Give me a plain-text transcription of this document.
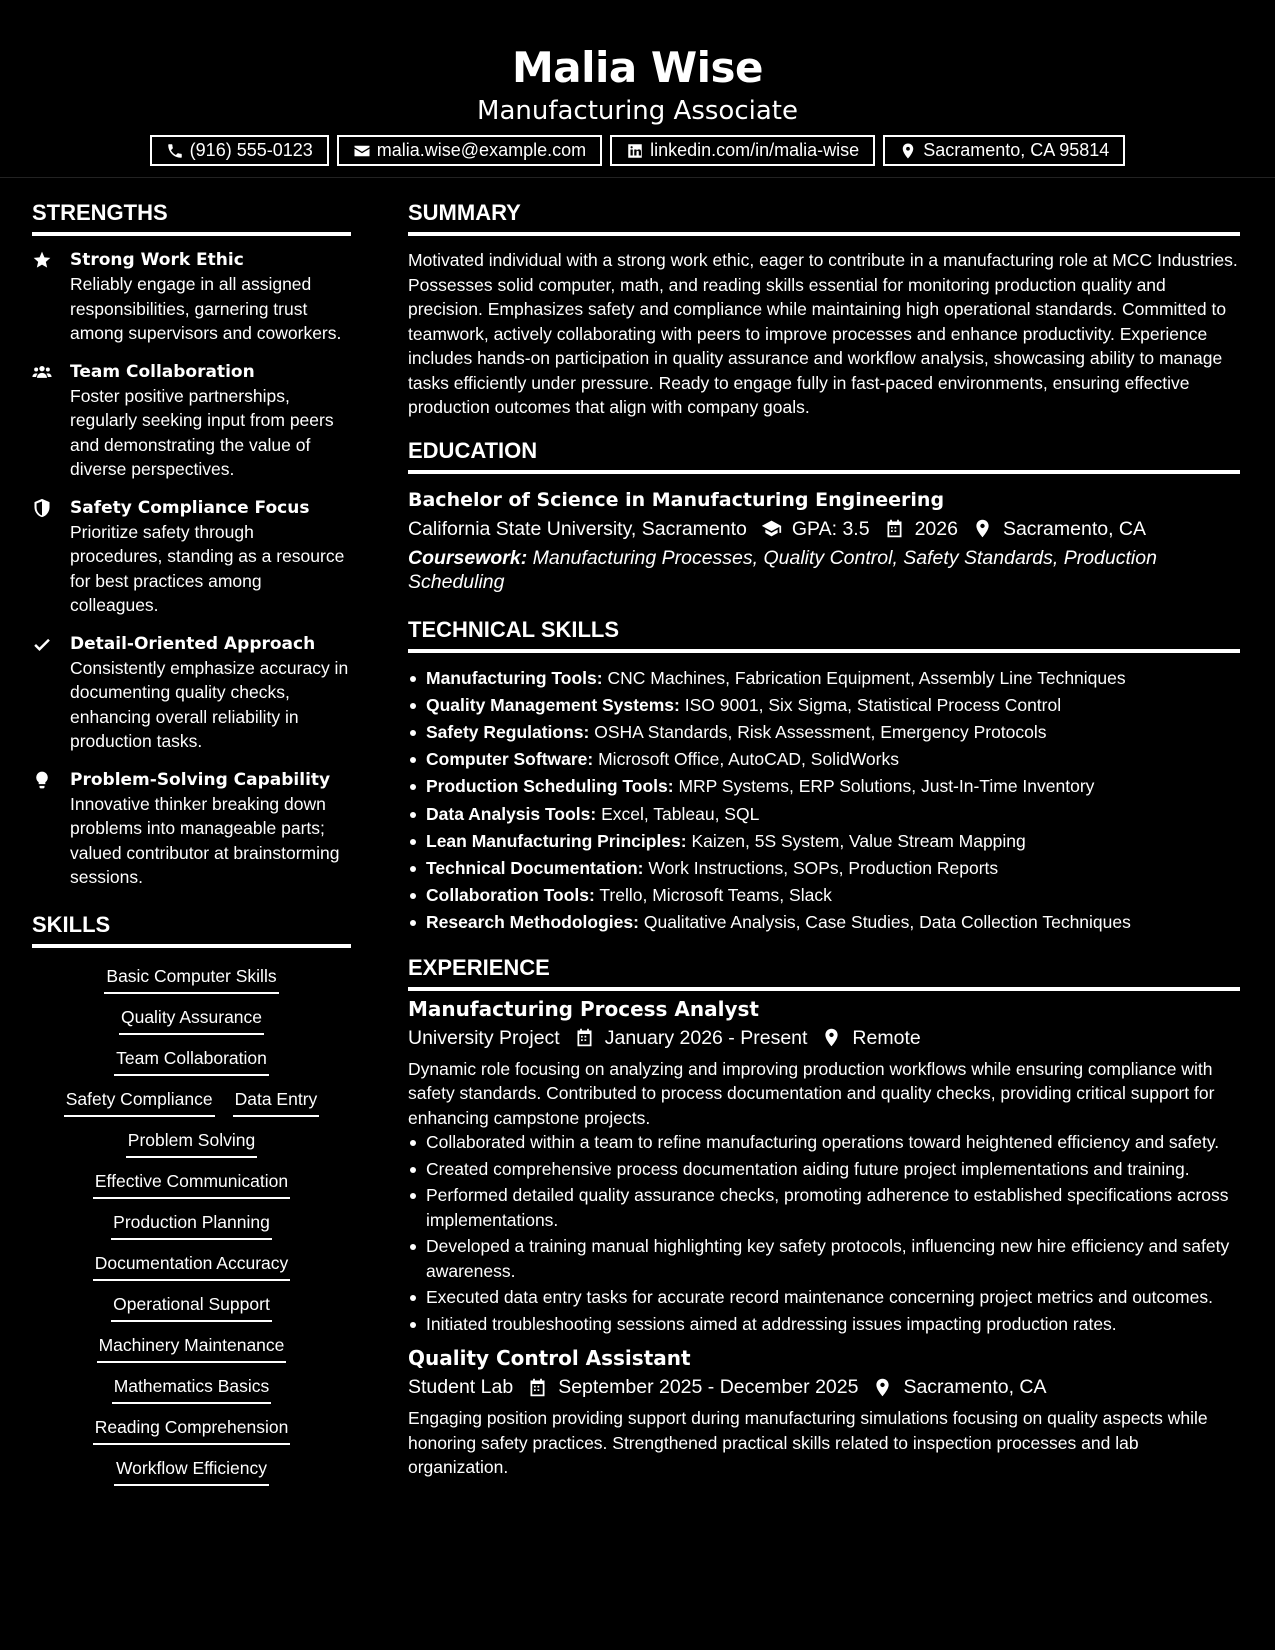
Malia Wise
Manufacturing Associate
(916) 555-0123	malia.wise@example.com	linkedin.com/in/malia-wise	Sacramento, CA 95814
STRENGTHS
Strong Work Ethic
Reliably engage in all assigned responsibilities, garnering trust among supervisors and coworkers.
Team Collaboration
Foster positive partnerships, regularly seeking input from peers and demonstrating the value of diverse perspectives.
Safety Compliance Focus
Prioritize safety through procedures, standing as a resource for best practices among colleagues.
Detail-Oriented Approach
Consistently emphasize accuracy in documenting quality checks, enhancing overall reliability in production tasks.
Problem-Solving Capability
Innovative thinker breaking down problems into manageable parts; valued contributor at brainstorming sessions.
SKILLS
Basic Computer Skills
Quality Assurance
Team Collaboration
Safety Compliance Data Entry
Problem Solving
Effective Communication
Production Planning
Documentation Accuracy
Operational Support
Machinery Maintenance
Mathematics Basics
Reading Comprehension
Workflow Efficiency
SUMMARY
Motivated individual with a strong work ethic, eager to contribute in a manufacturing role at MCC Industries. Possesses solid computer, math, and reading skills essential for monitoring production quality and precision. Emphasizes safety and compliance while maintaining high operational standards. Committed to teamwork, actively collaborating with peers to improve processes and enhance productivity. Experience includes hands-on participation in quality assurance and workflow analysis, showcasing ability to manage tasks efficiently under pressure. Ready to engage fully in fast-paced environments, ensuring effective production outcomes that align with company goals.
EDUCATION
Bachelor of Science in Manufacturing Engineering
California State University, Sacramento GPA: 3.5 2026 Sacramento, CA
Coursework: Manufacturing Processes, Quality Control, Safety Standards, Production Scheduling
TECHNICAL SKILLS
Manufacturing Tools: CNC Machines, Fabrication Equipment, Assembly Line Techniques
Quality Management Systems: ISO 9001, Six Sigma, Statistical Process Control
Safety Regulations: OSHA Standards, Risk Assessment, Emergency Protocols
Computer Software: Microsoft Office, AutoCAD, SolidWorks
Production Scheduling Tools: MRP Systems, ERP Solutions, Just-In-Time Inventory
Data Analysis Tools: Excel, Tableau, SQL
Lean Manufacturing Principles: Kaizen, 5S System, Value Stream Mapping
Technical Documentation: Work Instructions, SOPs, Production Reports
Collaboration Tools: Trello, Microsoft Teams, Slack
Research Methodologies: Qualitative Analysis, Case Studies, Data Collection Techniques
EXPERIENCE
Manufacturing Process Analyst
University Project January 2026 - Present Remote
Dynamic role focusing on analyzing and improving production workflows while ensuring compliance with safety standards. Contributed to process documentation and quality checks, providing critical support for enhancing campstone projects.
Collaborated within a team to refine manufacturing operations toward heightened efficiency and safety.
Created comprehensive process documentation aiding future project implementations and training.
Performed detailed quality assurance checks, promoting adherence to established specifications across implementations.
Developed a training manual highlighting key safety protocols, influencing new hire efficiency and safety awareness.
Executed data entry tasks for accurate record maintenance concerning project metrics and outcomes.
Initiated troubleshooting sessions aimed at addressing issues impacting production rates.
Quality Control Assistant
Student Lab September 2025 - December 2025 Sacramento, CA
Engaging position providing support during manufacturing simulations focusing on quality aspects while honoring safety practices. Strengthened practical skills related to inspection processes and lab organization.
